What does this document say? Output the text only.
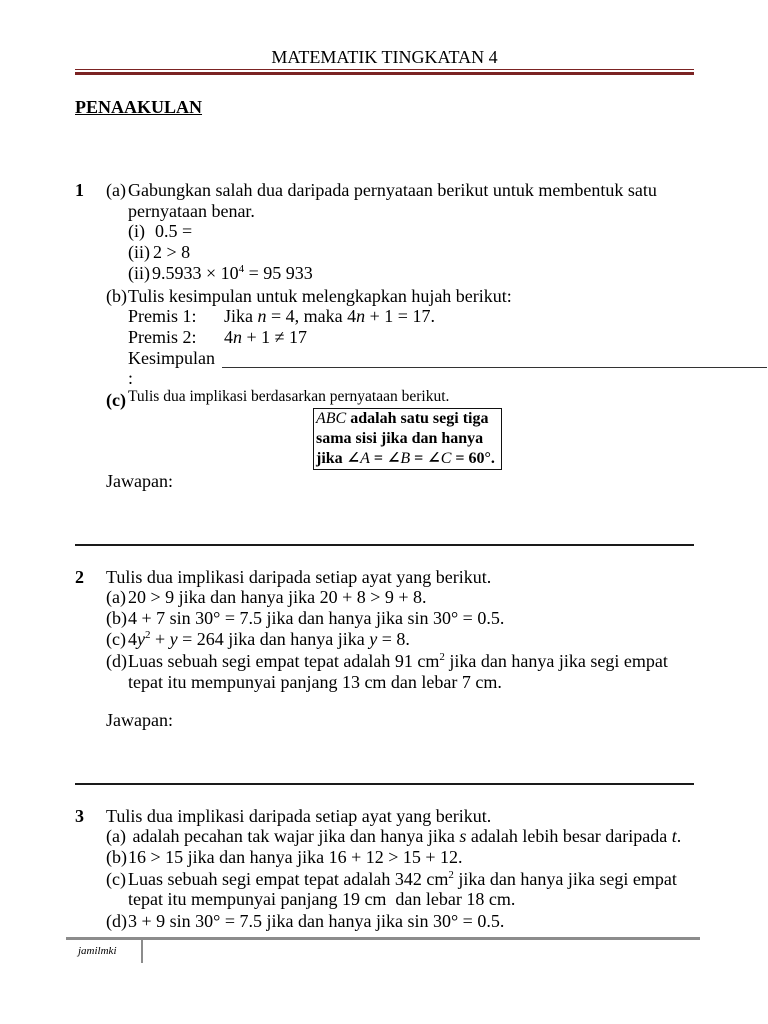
MATEMATIK TINGKATAN 4
PENAAKULAN
1 (a) Gabungkan salah dua daripada pernyataan berikut untuk membentuk satu
pernyataan benar.
(i) 0.5 =
(ii) 2 > 8
(ii) $9.5933 \times 10^4 = 95$ 933
(b) Tulis kesimpulan untuk melengkapkan hujah berikut:
Premis 1: Jika n = 4, maka 4n + 1 = 17.
Premis 2: 4n + 1 ≠ 17
Kesimpulan
:
(c) Tulis dua implikasi berdasarkan pernyataan berikut.
ABC adalah satu segi tiga
sama sisi jika dan hanya
jika ∠A = ∠B = ∠C = 60°.
Jawapan:
2 Tulis dua implikasi daripada setiap ayat yang berikut.
(a) 20 > 9 jika dan hanya jika 20 + 8 > 9 + 8.
(b) 4 + 7 sin 30° = 7.5 jika dan hanya jika sin 30° = 0.5.
(c) $4y^2 + y = 264$ jika dan hanya jika y = 8.
(d) Luas sebuah segi empat tepat adalah 91 $cm^2$ jika dan hanya jika segi empat
tepat itu mempunyai panjang 13 cm dan lebar 7 cm.
Jawapan:
3 Tulis dua implikasi daripada setiap ayat yang berikut.
(a) adalah pecahan tak wajar jika dan hanya jika s adalah lebih besar daripada t.
(b) 16 > 15 jika dan hanya jika 16 + 12 > 15 + 12.
(c) Luas sebuah segi empat tepat adalah 342 $cm^2$ jika dan hanya jika segi empat
tepat itu mempunyai panjang 19 cm  dan lebar 18 cm.
(d) 3 + 9 sin 30° = 7.5 jika dan hanya jika sin 30° = 0.5.
jamilmki
